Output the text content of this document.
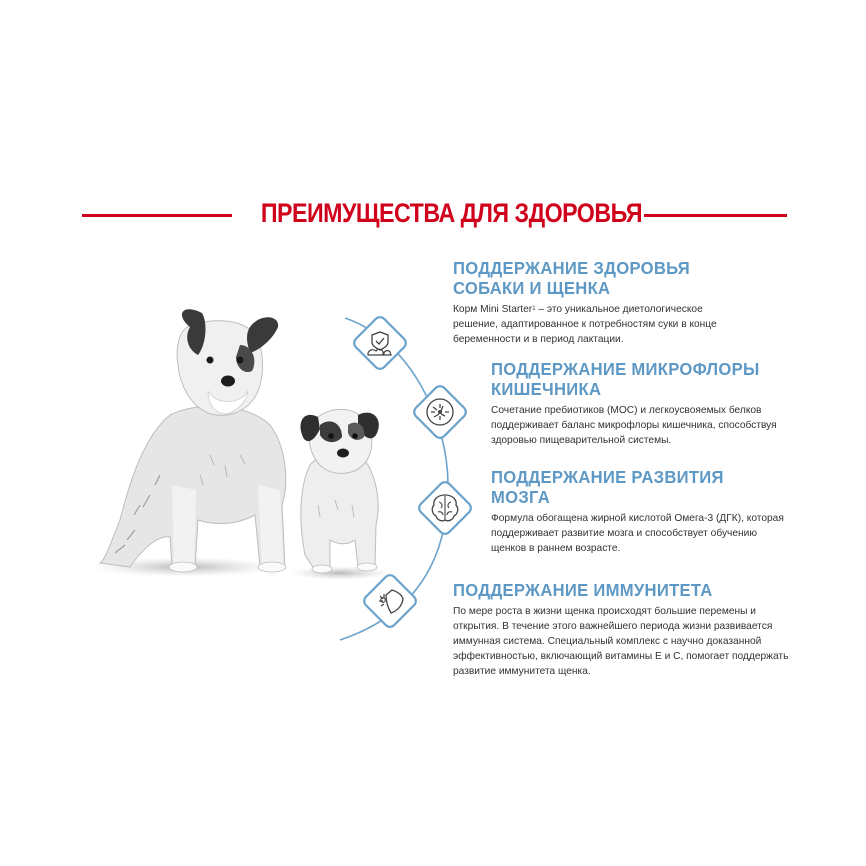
ПРЕИМУЩЕСТВА ДЛЯ ЗДОРОВЬЯ
ПОДДЕРЖАНИЕ ЗДОРОВЬЯ
СОБАКИ И ЩЕНКА
Корм Mini Starter$^1$ – это уникальное диетологическое
решение, адаптированное к потребностям суки в конце
беременности и в период лактации.
ПОДДЕРЖАНИЕ МИКРОФЛОРЫ
КИШЕЧНИКА
Сочетание пребиотиков (МОС) и легкоусвояемых белков
поддерживает баланс микрофлоры кишечника, способствуя
здоровью пищеварительной системы.
ПОДДЕРЖАНИЕ РАЗВИТИЯ
МОЗГА
Формула обогащена жирной кислотой Омега-3 (ДГК), которая
поддерживает развитие мозга и способствует обучению
щенков в раннем возрасте.
ПОДДЕРЖАНИЕ ИММУНИТЕТА
По мере роста в жизни щенка происходят большие перемены и
открытия. В течение этого важнейшего периода жизни развивается
иммунная система. Специальный комплекс с научно доказанной
эффективностью, включающий витамины Е и С, помогает поддержать
развитие иммунитета щенка.
